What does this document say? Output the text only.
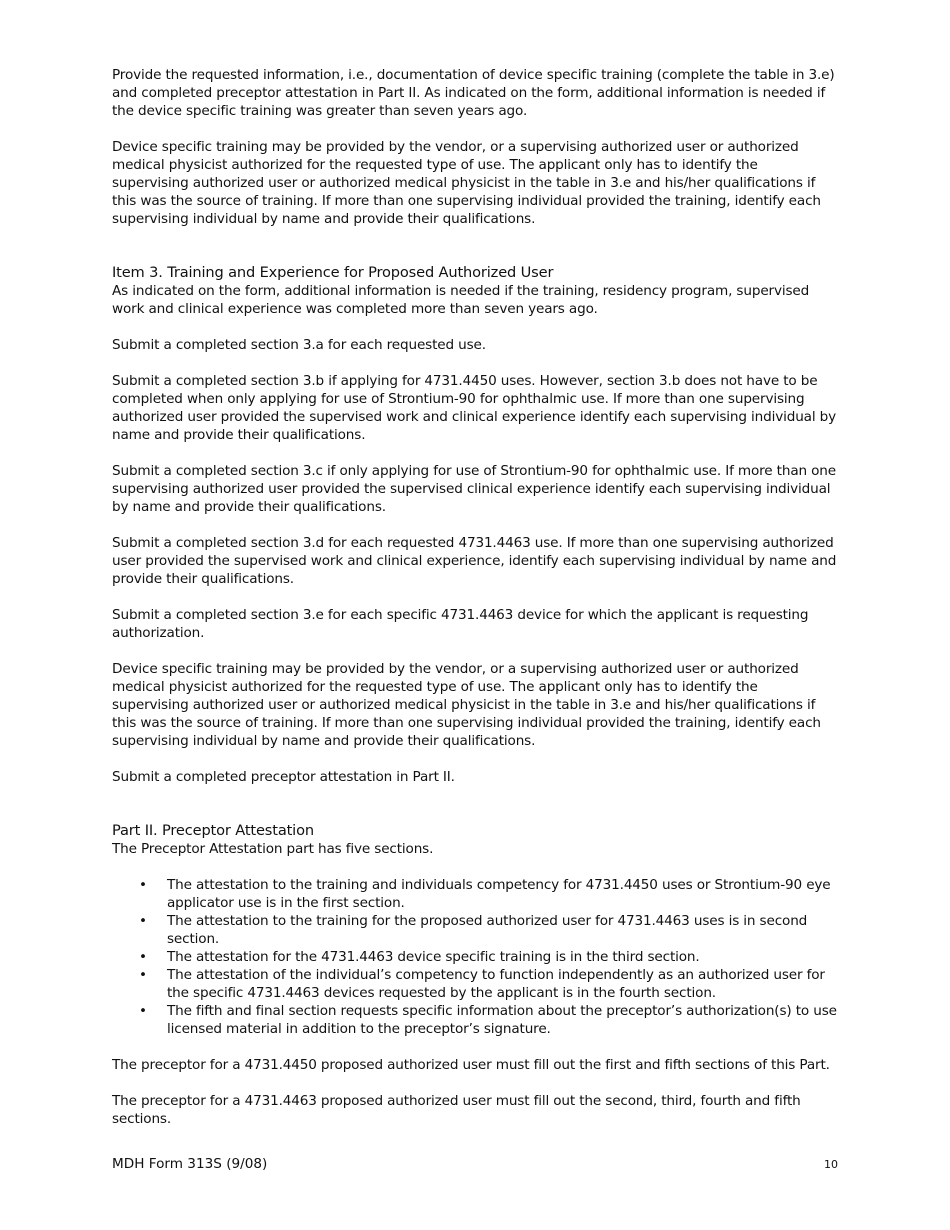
Provide the requested information, i.e., documentation of device specific training (complete the table in 3.e) and completed preceptor attestation in Part II. As indicated on the form, additional information is needed if the device specific training was greater than seven years ago.

Device specific training may be provided by the vendor, or a supervising authorized user or authorized medical physicist authorized for the requested type of use. The applicant only has to identify the supervising authorized user or authorized medical physicist in the table in 3.e and his/her qualifications if this was the source of training. If more than one supervising individual provided the training, identify each supervising individual by name and provide their qualifications.

Item 3. Training and Experience for Proposed Authorized User

As indicated on the form, additional information is needed if the training, residency program, supervised work and clinical experience was completed more than seven years ago.

Submit a completed section 3.a for each requested use.

Submit a completed section 3.b if applying for 4731.4450 uses. However, section 3.b does not have to be completed when only applying for use of Strontium-90 for ophthalmic use. If more than one supervising authorized user provided the supervised work and clinical experience identify each supervising individual by name and provide their qualifications.

Submit a completed section 3.c if only applying for use of Strontium-90 for ophthalmic use. If more than one supervising authorized user provided the supervised clinical experience identify each supervising individual by name and provide their qualifications.

Submit a completed section 3.d for each requested 4731.4463 use. If more than one supervising authorized user provided the supervised work and clinical experience, identify each supervising individual by name and provide their qualifications.

Submit a completed section 3.e for each specific 4731.4463 device for which the applicant is requesting authorization.

Device specific training may be provided by the vendor, or a supervising authorized user or authorized medical physicist authorized for the requested type of use. The applicant only has to identify the supervising authorized user or authorized medical physicist in the table in 3.e and his/her qualifications if this was the source of training. If more than one supervising individual provided the training, identify each supervising individual by name and provide their qualifications.

Submit a completed preceptor attestation in Part II.

Part II. Preceptor Attestation

The Preceptor Attestation part has five sections.

• The attestation to the training and individuals competency for 4731.4450 uses or Strontium-90 eye applicator use is in the first section.
• The attestation to the training for the proposed authorized user for 4731.4463 uses is in second section.
• The attestation for the 4731.4463 device specific training is in the third section.
• The attestation of the individual’s competency to function independently as an authorized user for the specific 4731.4463 devices requested by the applicant is in the fourth section.
• The fifth and final section requests specific information about the preceptor’s authorization(s) to use licensed material in addition to the preceptor’s signature.

The preceptor for a 4731.4450 proposed authorized user must fill out the first and fifth sections of this Part.

The preceptor for a 4731.4463 proposed authorized user must fill out the second, third, fourth and fifth sections.

MDH Form 313S (9/08)	10
